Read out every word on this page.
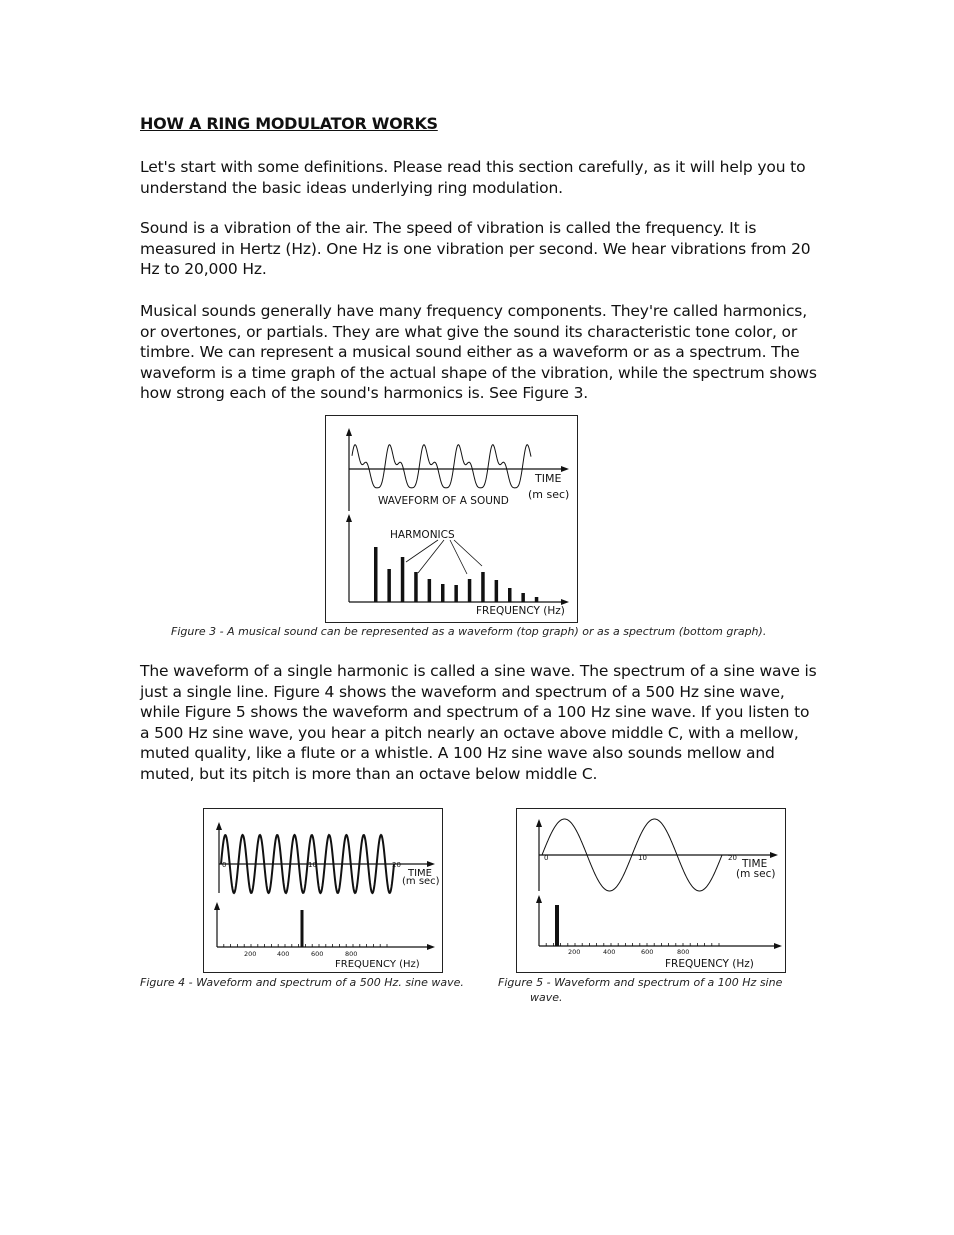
HOW A RING MODULATOR WORKS

Let's start with some definitions. Please read this section carefully, as it will help you to understand the basic ideas underlying ring modulation.

Sound is a vibration of the air. The speed of vibration is called the frequency. It is measured in Hertz (Hz). One Hz is one vibration per second. We hear vibrations from 20 Hz to 20,000 Hz.

Musical sounds generally have many frequency components. They're called harmonics, or overtones, or partials. They are what give the sound its characteristic tone color, or timbre. We can represent a musical sound either as a waveform or as a spectrum. The waveform is a time graph of the actual shape of the vibration, while the spectrum shows how strong each of the sound's harmonics is. See Figure 3.

TIME
(m sec)
WAVEFORM OF A SOUND
HARMONICS
FREQUENCY (Hz)
Figure 3 - A musical sound can be represented as a waveform (top graph) or as a spectrum (bottom graph).

The waveform of a single harmonic is called a sine wave. The spectrum of a sine wave is just a single line. Figure 4 shows the waveform and spectrum of a 500 Hz sine wave, while Figure 5 shows the waveform and spectrum of a 100 Hz sine wave. If you listen to a 500 Hz sine wave, you hear a pitch nearly an octave above middle C, with a mellow, muted quality, like a flute or a whistle. A 100 Hz sine wave also sounds mellow and muted, but its pitch is more than an octave below middle C.

0	10	20
TIME
(m sec)
200	400	600	800
FREQUENCY (Hz)
Figure 4 - Waveform and spectrum of a 500 Hz. sine wave.
0	10	20 TIME
(m sec)
200	400	600	800
FREQUENCY (Hz)
Figure 5 - Waveform and spectrum of a 100 Hz sine
wave.
